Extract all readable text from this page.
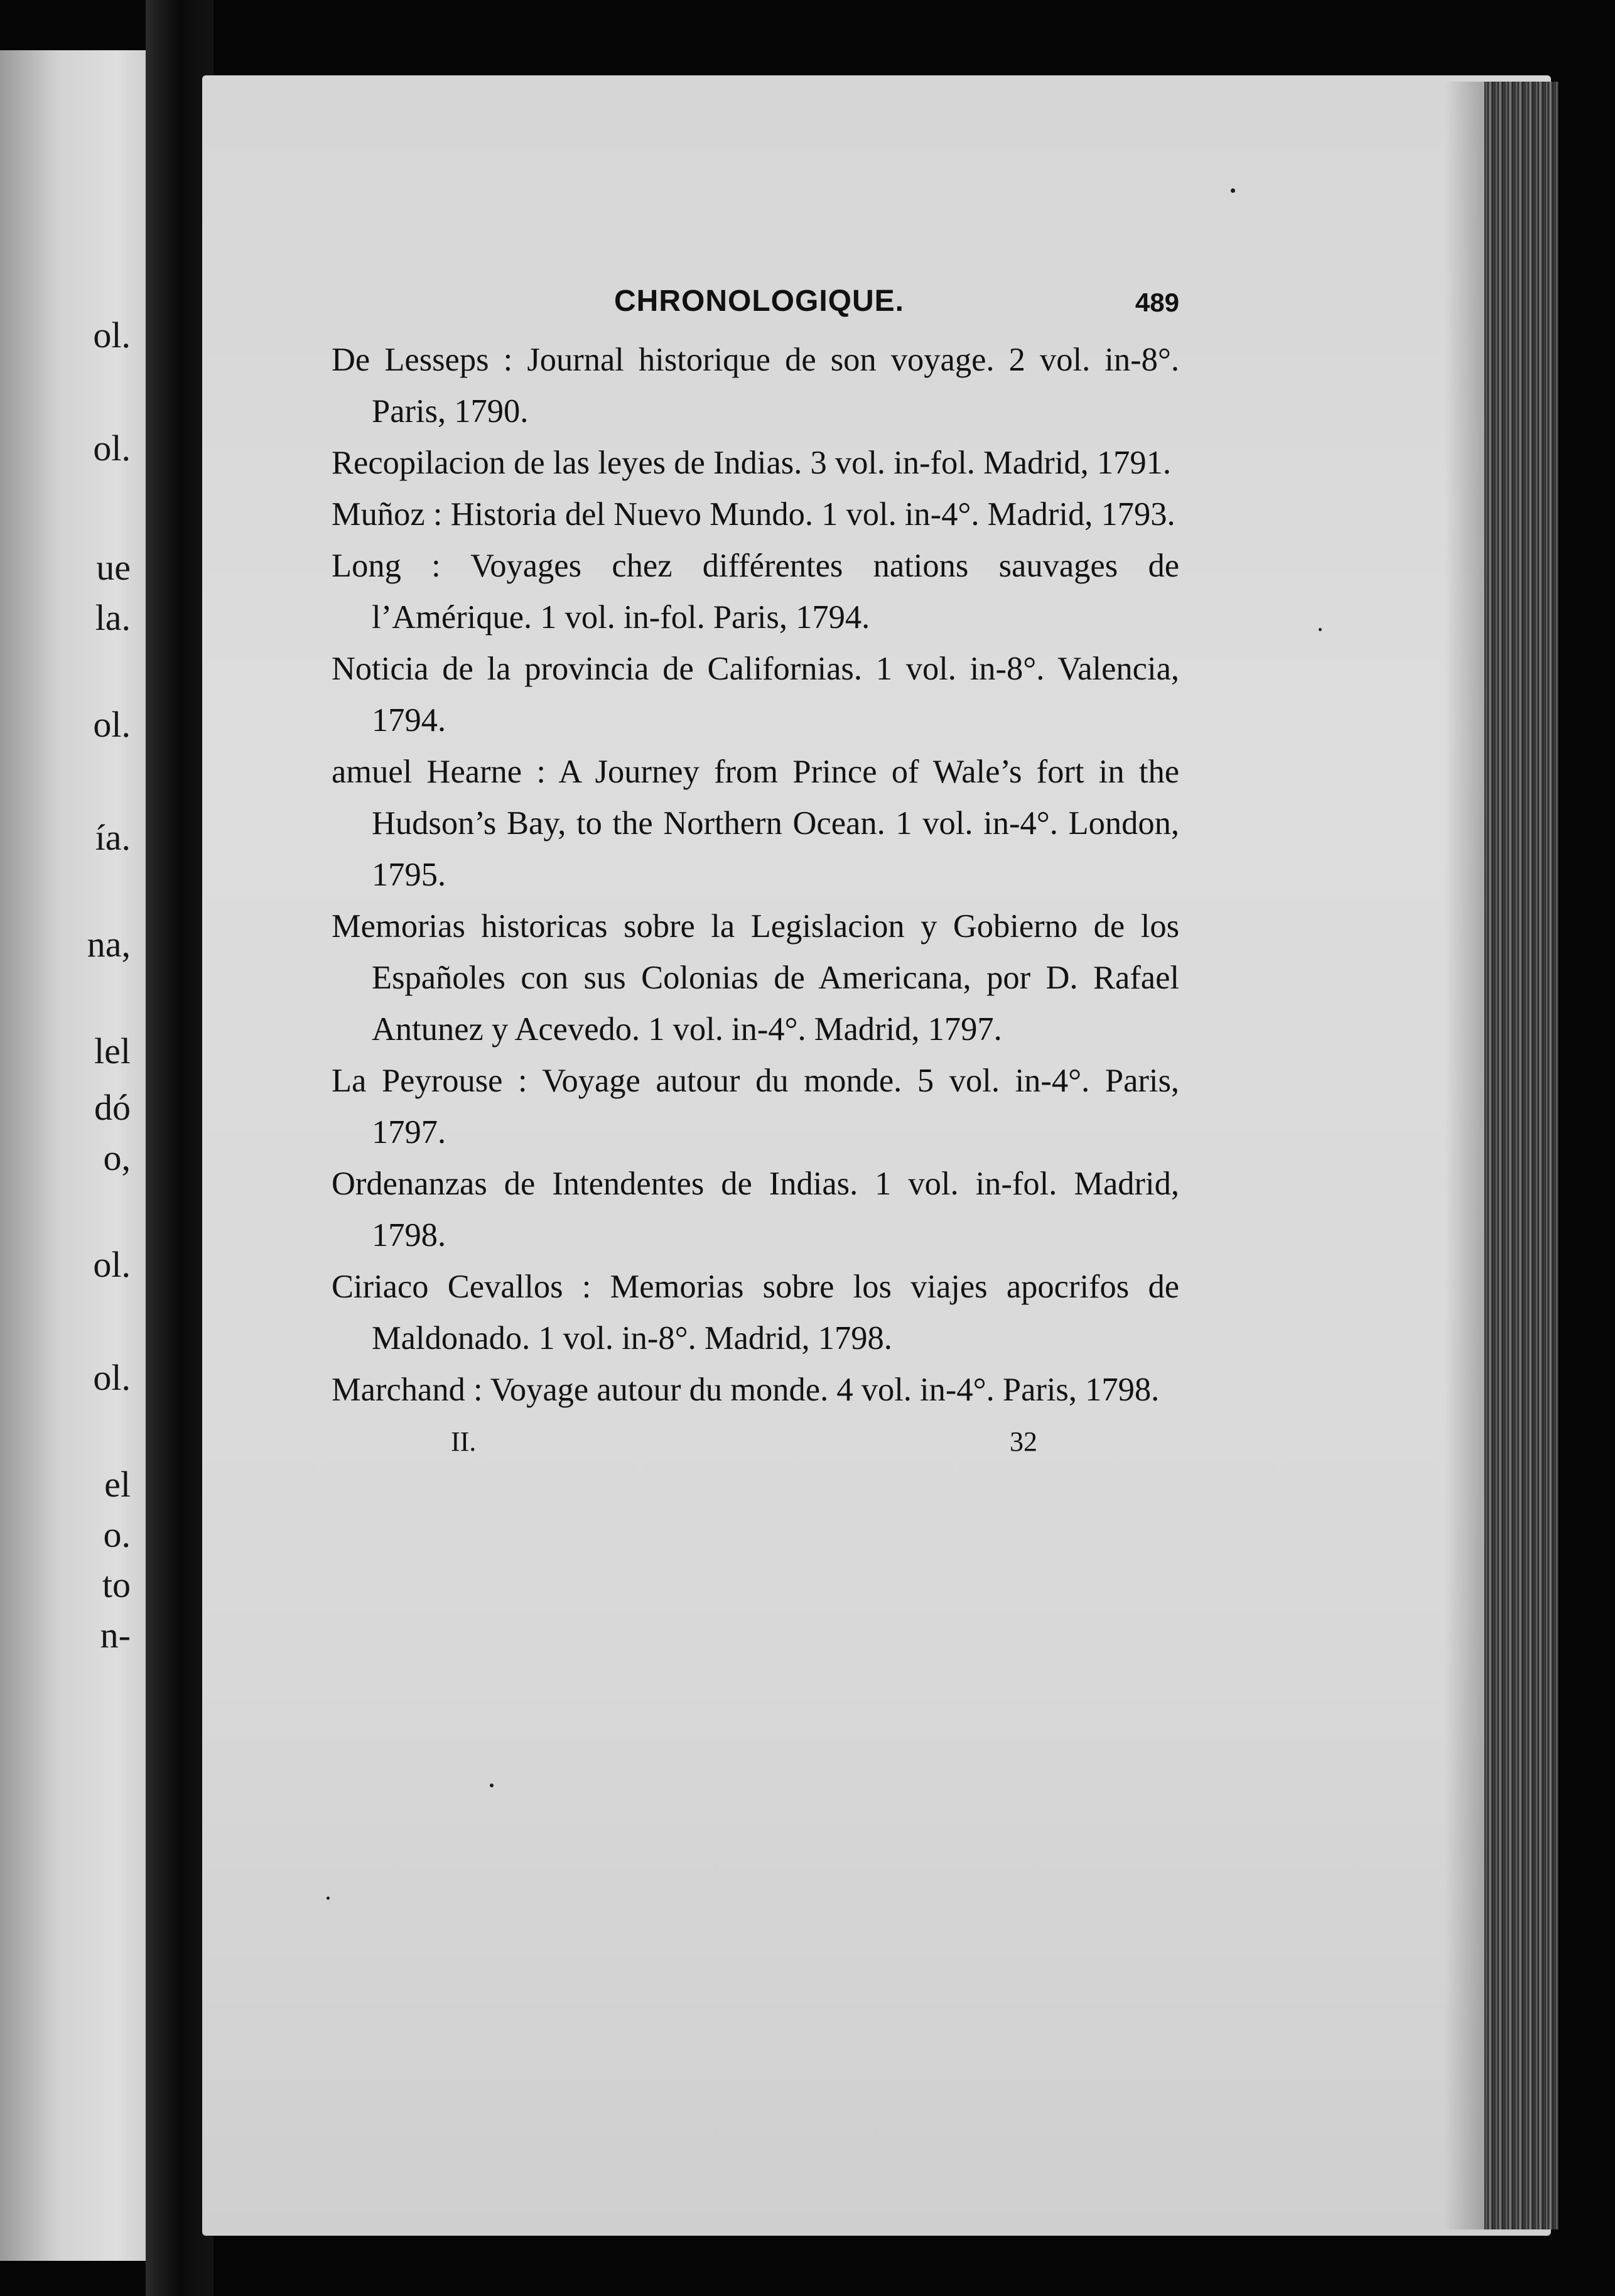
ol.
ol.
ue
la.
ol.
ía.
na,
lel
dó
o,
ol.
ol.
el
o.
to
n-
CHRONOLOGIQUE.	489

De Lesseps : Journal historique de son voyage. 2 vol. in-8°. Paris, 1790.

Recopilacion de las leyes de Indias. 3 vol. in-fol. Madrid, 1791.

Muñoz : Historia del Nuevo Mundo. 1 vol. in-4°. Madrid, 1793.

Long : Voyages chez différentes nations sauvages de l’Amérique. 1 vol. in-fol. Paris, 1794.

Noticia de la provincia de Californias. 1 vol. in-8°. Valencia, 1794.

amuel Hearne : A Journey from Prince of Wale’s fort in the Hudson’s Bay, to the Northern Ocean. 1 vol. in-4°. London, 1795.

Memorias historicas sobre la Legislacion y Gobierno de los Españoles con sus Colonias de Americana, por D. Rafael Antunez y Acevedo. 1 vol. in-4°. Madrid, 1797.

La Peyrouse : Voyage autour du monde. 5 vol. in-4°. Paris, 1797.

Ordenanzas de Intendentes de Indias. 1 vol. in-fol. Madrid, 1798.

Ciriaco Cevallos : Memorias sobre los viajes apocrifos de Maldonado. 1 vol. in-8°. Madrid, 1798.

Marchand : Voyage autour du monde. 4 vol. in-4°. Paris, 1798.

II.	32
